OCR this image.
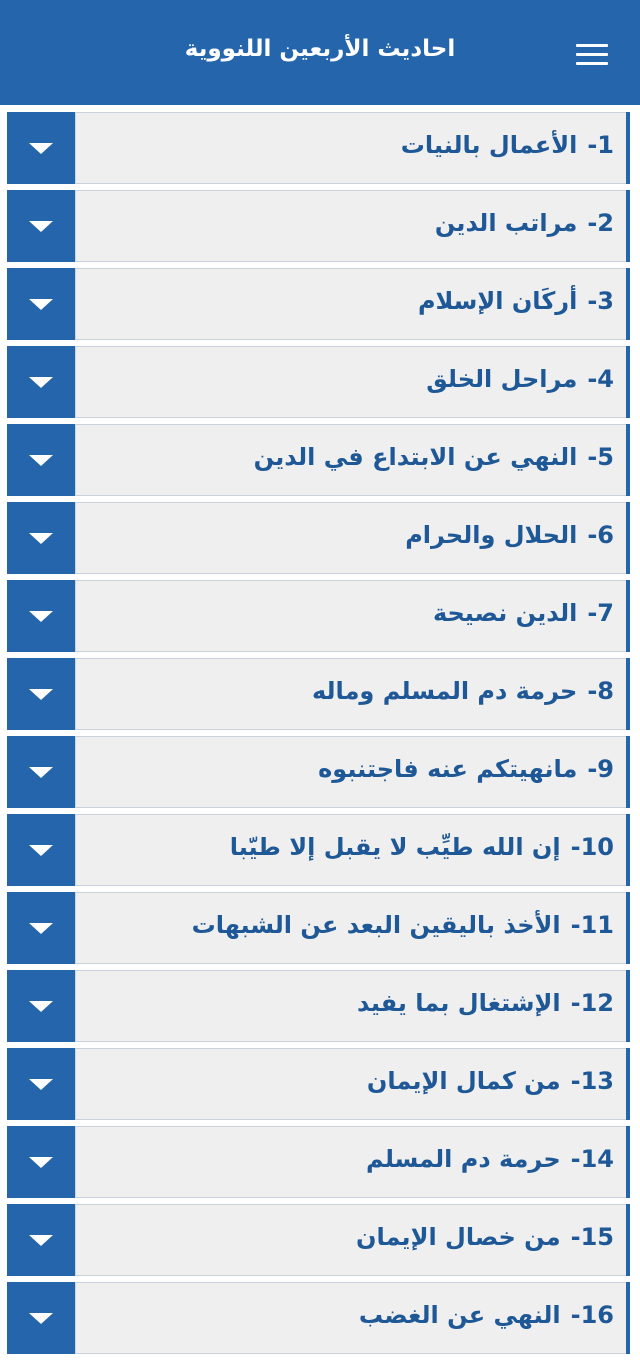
احاديث الأربعين اللنووية
1-الأعمال بالنيات
2-مراتب الدين
3-أركَان الإسلام
4-مراحل الخلق
5-النهي عن الابتداع في الدين
6-الحلال والحرام
7-الدين نصيحة
8-حرمة دم المسلم وماله
9-مانهيتكم عنه فاجتنبوه
10-إن الله طيِّب لا يقبل إلا طيّبا
11-الأخذ باليقين البعد عن الشبهات
12-الإشتغال بما يفيد
13-من كمال الإيمان
14-حرمة دم المسلم
15-من خصال الإيمان
16-النهي عن الغضب
